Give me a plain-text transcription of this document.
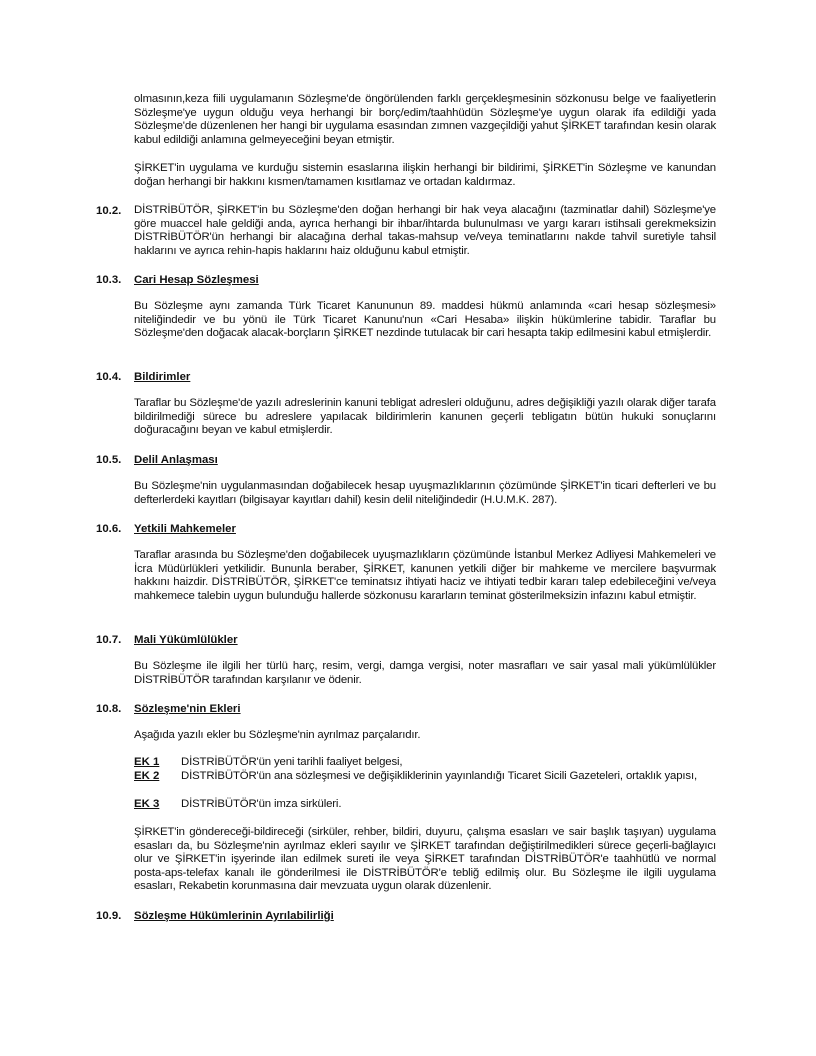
olmasının,keza fiili uygulamanın Sözleşme'de öngörülenden farklı gerçekleşmesinin sözkonusu belge ve faaliyetlerin Sözleşme'ye uygun olduğu veya herhangi bir borç/edim/taahhüdün Sözleşme'ye uygun olarak ifa edildiği yada Sözleşme'de düzenlenen her hangi bir uygulama esasından zımnen vazgeçildiği yahut ŞİRKET tarafından kesin olarak kabul edildiği anlamına gelmeyeceğini beyan etmiştir.

ŞİRKET'in uygulama ve kurduğu sistemin esaslarına ilişkin herhangi bir bildirimi, ŞİRKET'in Sözleşme ve kanundan doğan herhangi bir hakkını kısmen/tamamen kısıtlamaz ve ortadan kaldırmaz.

10.2. DİSTRİBÜTÖR, ŞİRKET'in bu Sözleşme'den doğan herhangi bir hak veya alacağını (tazminatlar dahil) Sözleşme'ye göre muaccel hale geldiği anda, ayrıca herhangi bir ihbar/ihtarda bulunulması ve yargı kararı istihsali gerekmeksizin DİSTRİBÜTÖR'ün herhangi bir alacağına derhal takas-mahsup ve/veya teminatlarını nakde tahvil suretiyle tahsil haklarını ve ayrıca rehin-hapis haklarını haiz olduğunu kabul etmiştir.

10.3. Cari Hesap Sözleşmesi

Bu Sözleşme aynı zamanda Türk Ticaret Kanununun 89. maddesi hükmü anlamında «cari hesap sözleşmesi» niteliğindedir ve bu yönü ile Türk Ticaret Kanunu'nun «Cari Hesaba» ilişkin hükümlerine tabidir. Taraflar bu Sözleşme'den doğacak alacak-borçların ŞİRKET nezdinde tutulacak bir cari hesapta takip edilmesini kabul etmişlerdir.

10.4. Bildirimler

Taraflar bu Sözleşme'de yazılı adreslerinin kanuni tebligat adresleri olduğunu, adres değişikliği yazılı olarak diğer tarafa bildirilmediği sürece bu adreslere yapılacak bildirimlerin kanunen geçerli tebligatın bütün hukuki sonuçlarını doğuracağını beyan ve kabul etmişlerdir.

10.5. Delil Anlaşması

Bu Sözleşme'nin uygulanmasından doğabilecek hesap uyuşmazlıklarının çözümünde ŞİRKET'in ticari defterleri ve bu defterlerdeki kayıtları (bilgisayar kayıtları dahil) kesin delil niteliğindedir (H.U.M.K. 287).

10.6. Yetkili Mahkemeler

Taraflar arasında bu Sözleşme'den doğabilecek uyuşmazlıkların çözümünde İstanbul Merkez Adliyesi Mahkemeleri ve İcra Müdürlükleri yetkilidir. Bununla beraber, ŞİRKET, kanunen yetkili diğer bir mahkeme ve mercilere başvurmak hakkını haizdir. DİSTRİBÜTÖR, ŞİRKET'ce teminatsız ihtiyati haciz ve ihtiyati tedbir kararı talep edebileceğini ve/veya mahkemece talebin uygun bulunduğu hallerde sözkonusu kararların teminat gösterilmeksizin infazını kabul etmiştir.

10.7. Mali Yükümlülükler

Bu Sözleşme ile ilgili her türlü harç, resim, vergi, damga vergisi, noter masrafları ve sair yasal mali yükümlülükler DİSTRİBÜTÖR tarafından karşılanır ve ödenir.

10.8. Sözleşme'nin Ekleri

Aşağıda yazılı ekler bu Sözleşme'nin ayrılmaz parçalarıdır.

EK 1 DİSTRİBÜTÖR'ün yeni tarihli faaliyet belgesi,
EK 2 DİSTRİBÜTÖR'ün ana sözleşmesi ve değişikliklerinin yayınlandığı Ticaret Sicili Gazeteleri, ortaklık yapısı,
EK 3 DİSTRİBÜTÖR'ün imza sirküleri.

ŞİRKET'in göndereceği-bildireceği (sirküler, rehber, bildiri, duyuru, çalışma esasları ve sair başlık taşıyan) uygulama esasları da, bu Sözleşme'nin ayrılmaz ekleri sayılır ve ŞİRKET tarafından değiştirilmedikleri sürece geçerli-bağlayıcı olur ve ŞİRKET'in işyerinde ilan edilmek sureti ile veya ŞİRKET tarafından DİSTRİBÜTÖR'e taahhütlü ve normal posta-aps-telefax kanalı ile gönderilmesi ile DİSTRİBÜTÖR'e tebliğ edilmiş olur. Bu Sözleşme ile ilgili uygulama esasları, Rekabetin korunmasına dair mevzuata uygun olarak düzenlenir.

10.9. Sözleşme Hükümlerinin Ayrılabilirliği
